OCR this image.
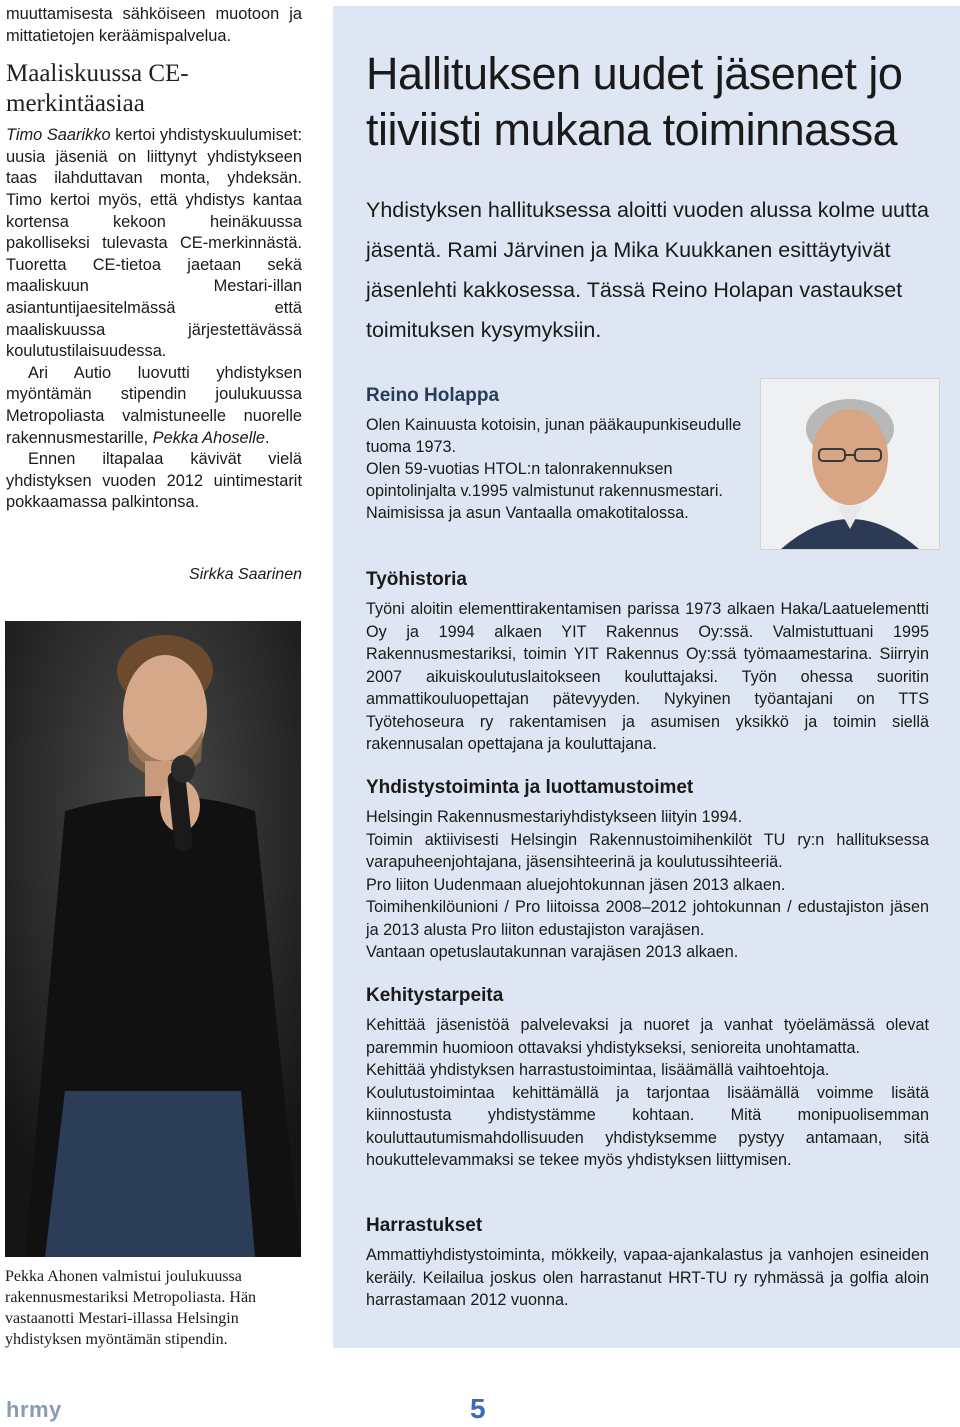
muuttamisesta sähköiseen muotoon ja mittatietojen keräämispalvelua.

Maaliskuussa CE-merkintäasiaa

Timo Saarikko kertoi yhdistyskuulumiset: uusia jäseniä on liittynyt yhdistykseen taas ilahduttavan monta, yhdeksän. Timo kertoi myös, että yhdistys kantaa kortensa kekoon heinäkuussa pakolliseksi tulevasta CE-merkinnästä. Tuoretta CE-tietoa jaetaan sekä maaliskuun Mestari-illan asiantuntijaesitelmässä että maaliskuussa järjestettävässä koulutustilaisuudessa.

Ari Autio luovutti yhdistyksen myöntämän stipendin joulukuussa Metropoliasta valmistuneelle nuorelle rakennusmestarille, Pekka Ahoselle.

Ennen iltapalaa kävivät vielä yhdistyksen vuoden 2012 uintimestarit pokkaamassa palkintonsa.

Sirkka Saarinen
Pekka Ahonen valmistui joulukuussa rakennusmestariksi Metropoliasta. Hän vastaanotti Mestari-illassa Helsingin yhdistyksen myöntämän stipendin.
Hallituksen uudet jäsenet jo tiiviisti mukana toiminnassa
Yhdistyksen hallituksessa aloitti vuoden alussa kolme uutta jäsentä. Rami Järvinen ja Mika Kuukkanen esittäytyivät jäsenlehti kakkosessa. Tässä Reino Holapan vastaukset toimituksen kysymyksiin.
Reino Holappa

Olen Kainuusta kotoisin, junan pääkaupunkiseudulle tuoma 1973.

Olen 59-vuotias HTOL:n talonrakennuksen opintolinjalta v.1995 valmistunut rakennusmestari.

Naimisissa ja asun Vantaalla omakotitalossa.

Työhistoria

Työni aloitin elementtirakentamisen parissa 1973 alkaen Haka/Laatuelementti Oy ja 1994 alkaen YIT Rakennus Oy:ssä. Valmistuttuani 1995 Rakennusmestariksi, toimin YIT Rakennus Oy:ssä työmaamestarina. Siirryin 2007 aikuiskoulutuslaitokseen kouluttajaksi. Työn ohessa suoritin ammattikouluopettajan pätevyyden. Nykyinen työantajani on TTS Työtehoseura ry rakentamisen ja asumisen yksikkö ja toimin siellä rakennusalan opettajana ja kouluttajana.

Yhdistystoiminta ja luottamustoimet

Helsingin Rakennusmestariyhdistykseen liityin 1994.

Toimin aktiivisesti Helsingin Rakennustoimihenkilöt TU ry:n hallituksessa varapuheenjohtajana, jäsensihteerinä ja koulutussihteeriä.

Pro liiton Uudenmaan aluejohtokunnan jäsen 2013 alkaen.

Toimihenkilöunioni / Pro liitoissa 2008–2012 johtokunnan / edustajiston jäsen ja 2013 alusta Pro liiton edustajiston varajäsen.

Vantaan opetuslautakunnan varajäsen 2013 alkaen.

Kehitystarpeita

Kehittää jäsenistöä palvelevaksi ja nuoret ja vanhat työelämässä olevat paremmin huomioon ottavaksi yhdistykseksi, senioreita unohtamatta.

Kehittää yhdistyksen harrastustoimintaa, lisäämällä vaihtoehtoja.

Koulutustoimintaa kehittämällä ja tarjontaa lisäämällä voimme lisätä kiinnostusta yhdistystämme kohtaan. Mitä monipuolisemman kouluttautumismahdollisuuden yhdistyksemme pystyy antamaan, sitä houkuttelevammaksi se tekee myös yhdistyksen liittymisen.

Harrastukset

Ammattiyhdistystoiminta, mökkeily, vapaa-ajankalastus ja vanhojen esineiden keräily. Keilailua joskus olen harrastanut HRT-TU ry ryhmässä ja golfia aloin harrastamaan 2012 vuonna.

hrmy	5
